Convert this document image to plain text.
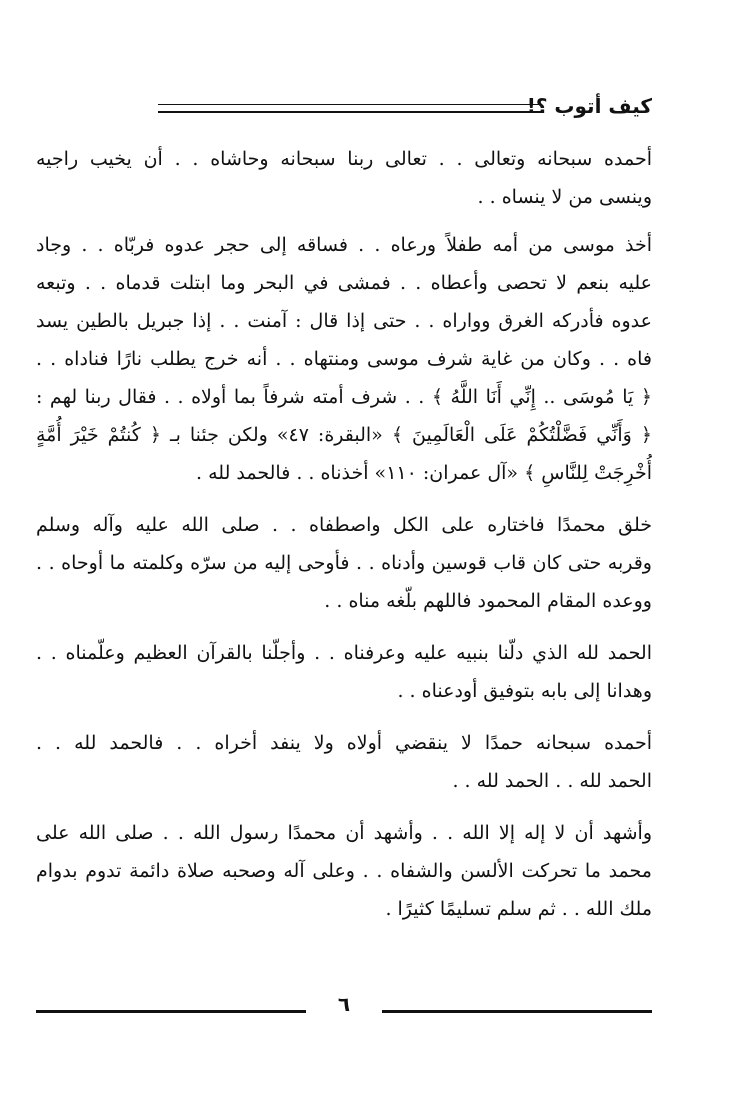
كيف أتوب ؟!

أحمده سبحانه وتعالى . . تعالى ربنا سبحانه وحاشاه . . أن يخيب راجيه
وينسى من لا ينساه . .

أخذ موسى من أمه طفلاً ورعاه . . فساقه إلى حجر عدوه فربّاه . . وجاد
عليه بنعم لا تحصى وأعطاه . . فمشى في البحر وما ابتلت قدماه . . وتبعه
عدوه فأدركه الغرق وواراه . . حتى إذا قال : آمنت . . إذا جبريل بالطين يسد
فاه . . وكان من غاية شرف موسى ومنتهاه . . أنه خرج يطلب نارًا فناداه . .
﴿ يَا مُوسَى .. إِنِّي أَنَا اللَّهُ ﴾ . . شرف أمته شرفاً بما أولاه . . فقال ربنا لهم :
﴿ وَأَنِّي فَضَّلْتُكُمْ عَلَى الْعَالَمِينَ ﴾ «البقرة: ٤٧» ولكن جئنا بـ ﴿ كُنتُمْ خَيْرَ أُمَّةٍ
أُخْرِجَتْ لِلنَّاسِ ﴾ «آل عمران: ١١٠» أخذناه . . فالحمد لله .

خلق محمدًا فاختاره على الكل واصطفاه . . صلى الله عليه وآله وسلم
وقربه حتى كان قاب قوسين وأدناه . . فأوحى إليه من سرّه وكلمته ما أوحاه . .
ووعده المقام المحمود فاللهم بلّغه مناه . .

الحمد لله الذي دلّنا بنبيه عليه وعرفناه . . وأجلّنا بالقرآن العظيم وعلّمناه . .
وهدانا إلى بابه بتوفيق أودعناه . .

أحمده سبحانه حمدًا لا ينقضي أولاه ولا ينفد أخراه . . فالحمد لله . .
الحمد لله . . الحمد لله . .

وأشهد أن لا إله إلا الله . . وأشهد أن محمدًا رسول الله . . صلى الله على
محمد ما تحركت الألسن والشفاه . . وعلى آله وصحبه صلاة دائمة تدوم بدوام
ملك الله . . ثم سلم تسليمًا كثيرًا .

٦
